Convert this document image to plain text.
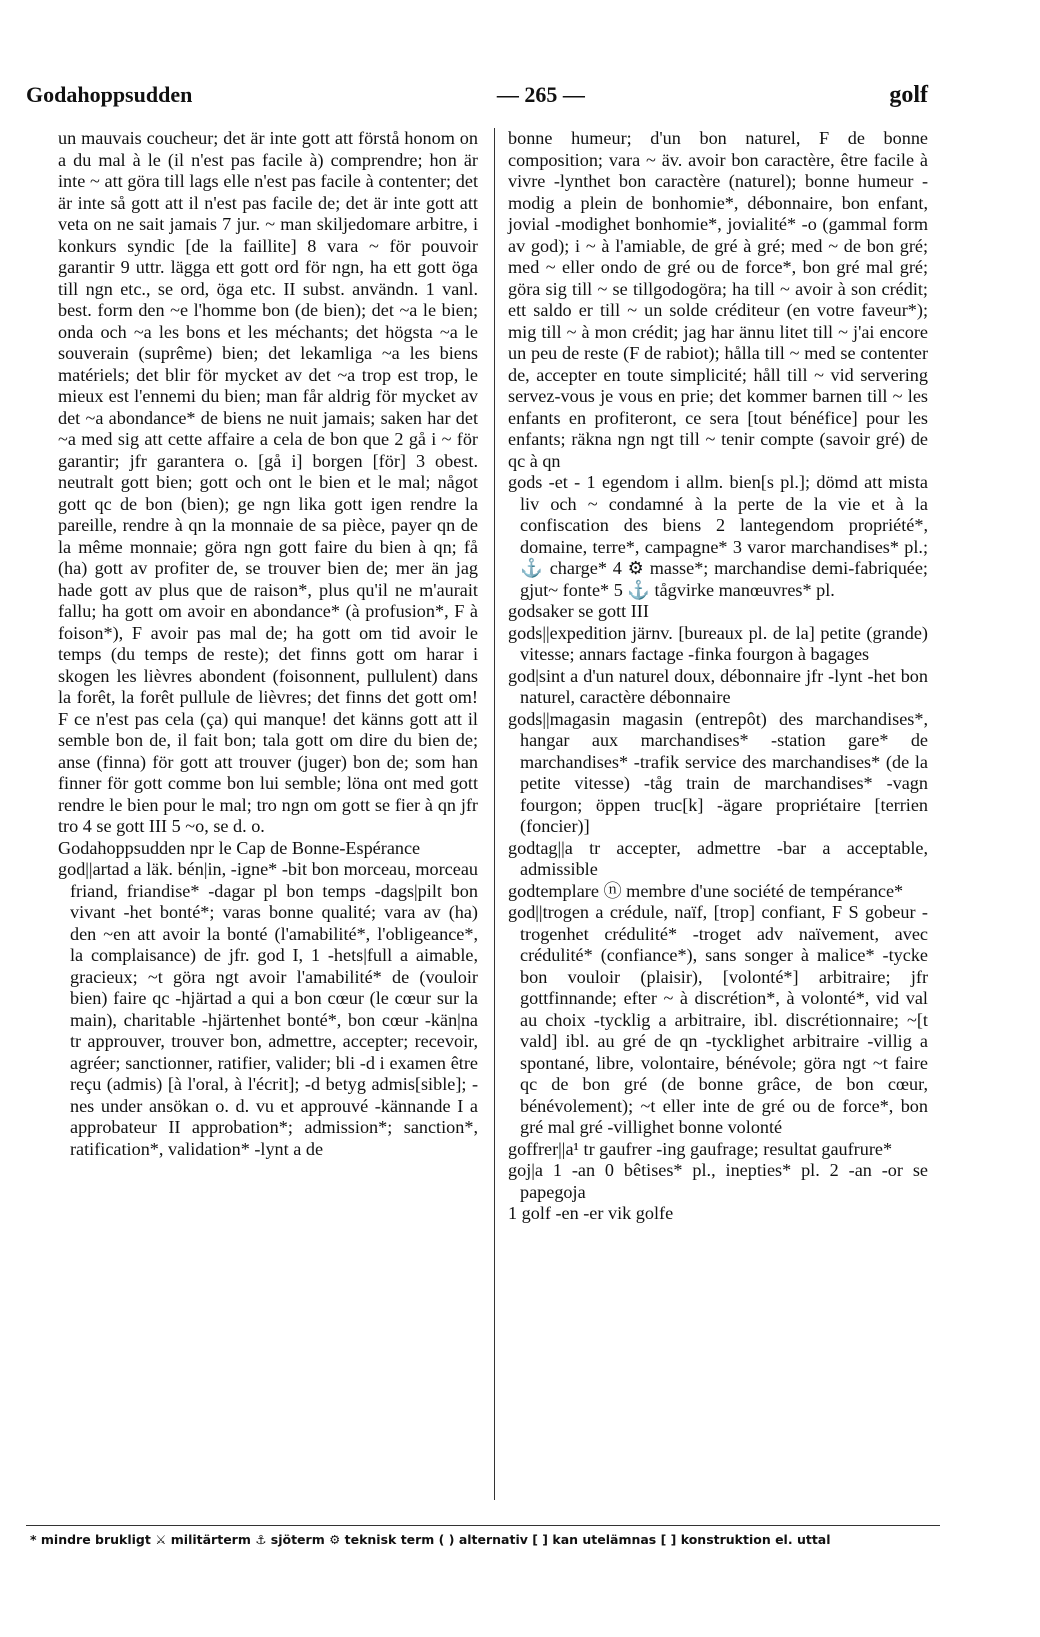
Godahoppsudden	— 265 —	golf

un mauvais coucheur; det är inte gott att förstå honom on a du mal à le (il n'est pas facile à) comprendre; hon är inte ~ att göra till lags elle n'est pas facile à contenter; det är inte så gott att il n'est pas facile de; det är inte gott att veta on ne sait jamais 7 jur. ~ man skiljedomare arbitre, i konkurs syndic [de la faillite] 8 vara ~ för pouvoir garantir 9 uttr. lägga ett gott ord för ngn, ha ett gott öga till ngn etc., se ord, öga etc. II subst. användn. 1 vanl. best. form den ~e l'homme bon (de bien); det ~a le bien; onda och ~a les bons et les méchants; det högsta ~a le souverain (suprême) bien; det lekamliga ~a les biens matériels; det blir för mycket av det ~a trop est trop, le mieux est l'ennemi du bien; man får aldrig för mycket av det ~a abondance* de biens ne nuit jamais; saken har det ~a med sig att cette affaire a cela de bon que 2 gå i ~ för garantir; jfr garantera o. [gå i] borgen [för] 3 obest. neutralt gott bien; gott och ont le bien et le mal; något gott qc de bon (bien); ge ngn lika gott igen rendre la pareille, rendre à qn la monnaie de sa pièce, payer qn de la même monnaie; göra ngn gott faire du bien à qn; få (ha) gott av profiter de, se trouver bien de; mer än jag hade gott av plus que de raison*, plus qu'il ne m'aurait fallu; ha gott om avoir en abondance* (à profusion*, F à foison*), F avoir pas mal de; ha gott om tid avoir le temps (du temps de reste); det finns gott om harar i skogen les lièvres abondent (foisonnent, pullulent) dans la forêt, la forêt pullule de lièvres; det finns det gott om! F ce n'est pas cela (ça) qui manque! det känns gott att il semble bon de, il fait bon; tala gott om dire du bien de; anse (finna) för gott att trouver (juger) bon de; som han finner för gott comme bon lui semble; löna ont med gott rendre le bien pour le mal; tro ngn om gott se fier à qn jfr tro 4 se gott III 5 ~o, se d. o.

Godahoppsudden npr le Cap de Bonne-Espérance

god||artad a läk. bén|in, -igne* -bit bon morceau, morceau friand, friandise* -dagar pl bon temps -dags|pilt bon vivant -het bonté*; varas bonne qualité; vara av (ha) den ~en att avoir la bonté (l'amabilité*, l'obligeance*, la complaisance) de jfr. god I, 1 -hets|full a aimable, gracieux; ~t göra ngt avoir l'amabilité* de (vouloir bien) faire qc -hjärtad a qui a bon cœur (le cœur sur la main), charitable -hjärtenhet bonté*, bon cœur -kän|na tr approuver, trouver bon, admettre, accepter; recevoir, agréer; sanctionner, ratifier, valider; bli -d i examen être reçu (admis) [à l'oral, à l'écrit]; -d betyg admis[sible]; -nes under ansökan o. d. vu et approuvé -kännande I a approbateur II approbation*; admission*; sanction*, ratification*, validation* -lynt a de

bonne humeur; d'un bon naturel, F de bonne composition; vara ~ äv. avoir bon caractère, être facile à vivre -lynthet bon caractère (naturel); bonne humeur -modig a plein de bonhomie*, débonnaire, bon enfant, jovial -modighet bonhomie*, jovialité* -o (gammal form av god); i ~ à l'amiable, de gré à gré; med ~ de bon gré; med ~ eller ondo de gré ou de force*, bon gré mal gré; göra sig till ~ se tillgodogöra; ha till ~ avoir à son crédit; ett saldo er till ~ un solde créditeur (en votre faveur*); mig till ~ à mon crédit; jag har ännu litet till ~ j'ai encore un peu de reste (F de rabiot); hålla till ~ med se contenter de, accepter en toute simplicité; håll till ~ vid servering servez-vous je vous en prie; det kommer barnen till ~ les enfants en profiteront, ce sera [tout bénéfice] pour les enfants; räkna ngn ngt till ~ tenir compte (savoir gré) de qc à qn

gods -et - 1 egendom i allm. bien[s pl.]; dömd att mista liv och ~ condamné à la perte de la vie et à la confiscation des biens 2 lantegendom propriété*, domaine, terre*, campagne* 3 varor marchandises* pl.; ⚓ charge* 4 ⚙ masse*; marchandise demi-fabriquée; gjut~ fonte* 5 ⚓ tågvirke manœuvres* pl.

godsaker se gott III

gods||expedition järnv. [bureaux pl. de la] petite (grande) vitesse; annars factage -finka fourgon à bagages

god|sint a d'un naturel doux, débonnaire jfr -lynt -het bon naturel, caractère débonnaire

gods||magasin magasin (entrepôt) des marchandises*, hangar aux marchandises* -station gare* de marchandises* -trafik service des marchandises* (de la petite vitesse) -tåg train de marchandises* -vagn fourgon; öppen truc[k] -ägare propriétaire [terrien (foncier)]

godtag||a tr accepter, admettre -bar a acceptable, admissible

godtemplare ⓝ membre d'une société de tempérance*

god||trogen a crédule, naïf, [trop] confiant, F S gobeur -trogenhet crédulité* -troget adv naïvement, avec crédulité* (confiance*), sans songer à malice* -tycke bon vouloir (plaisir), [volonté*] arbitraire; jfr gottfinnande; efter ~ à discrétion*, à volonté*, vid val au choix -tycklig a arbitraire, ibl. discrétionnaire; ~[t vald] ibl. au gré de qn -tycklighet arbitraire -villig a spontané, libre, volontaire, bénévole; göra ngt ~t faire qc de bon gré (de bonne grâce, de bon cœur, bénévolement); ~t eller inte de gré ou de force*, bon gré mal gré -villighet bonne volonté

goffrer||a¹ tr gaufrer -ing gaufrage; resultat gaufrure*

goj|a 1 -an 0 bêtises* pl., inepties* pl. 2 -an -or se papegoja

1 golf -en -er vik golfe

* mindre brukligt ⚔ militärterm ⚓ sjöterm ⚙ teknisk term ( ) alternativ [ ] kan utelämnas [ ] konstruktion el. uttal
